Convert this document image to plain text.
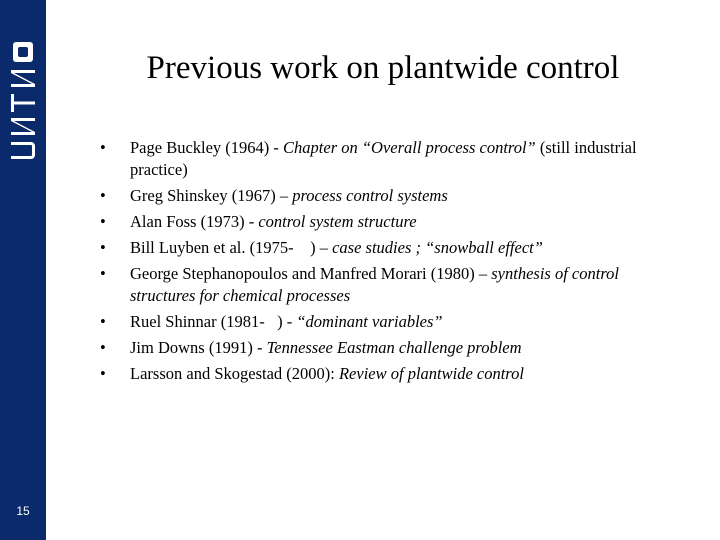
15
Previous work on plantwide control
• Page Buckley (1964) - Chapter on “Overall process control” (still industrial practice)
• Greg Shinskey (1967) – process control systems
• Alan Foss (1973) - control system structure
• Bill Luyben et al. (1975-    ) – case studies ; “snowball effect”
• George Stephanopoulos and Manfred Morari (1980) – synthesis of control structures for chemical processes
• Ruel Shinnar (1981-   ) - “dominant variables”
• Jim Downs (1991) - Tennessee Eastman challenge problem
• Larsson and Skogestad (2000): Review of plantwide control
